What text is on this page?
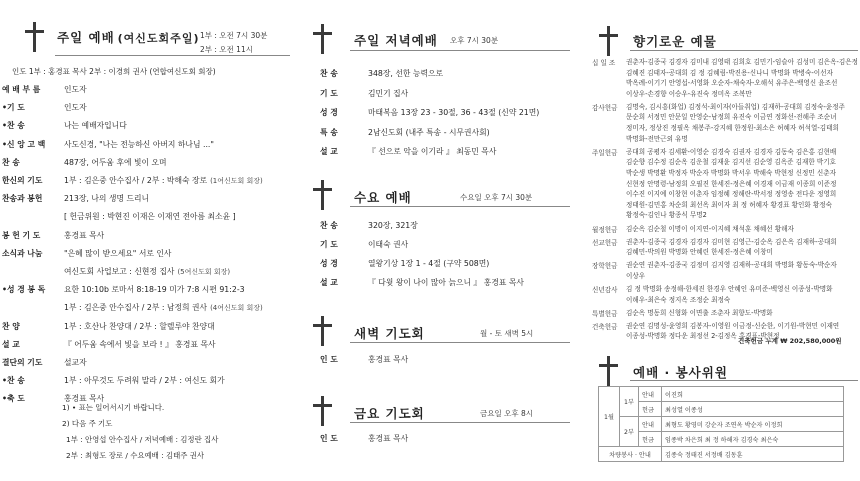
주일 예배 (여신도회주일) 1부 : 오전 7시 30분
2부 : 오전 11시
인도 1부 : 홍경표 목사 2부 : 이경희 권사 (연합여신도회 회장)
예 배 부 름	인도자
•기 도	인도자
•찬 송	나는 예배자입니다
•신 앙 고 백 사도신경, "나는 전능하신 아버지 하나님 ..."
찬 송	487장, 어두움 후에 빛이 오며
한신의 기도	1부 : 김은중 안수집사 / 2부 : 박해숙 장로 (1여신도회 회장)
찬송과 봉헌	213장, 나의 생명 드리니
[ 헌금위원 : 박현진 이재은 이재연 전아름 최소윤 ]
봉 헌 기 도	홍경표 목사
소식과 나눔	"은혜 많이 받으세요" 서로 인사
여신도회 사업보고 : 신현정 집사 (5여신도회 회장)
•성 경 봉 독 요한 10:10b 로마서 8:18-19 미가 7:8 시편 91:2-3
1부 : 김은중 안수집사 / 2부 : 남정희 권사 (4여신도회 회장)
찬 양	1부 : 호산나 찬양대 / 2부 : 할렐루야 찬양대
설 교	『 어두움 속에서 빛을 보라 ! 』 홍경표 목사
결단의 기도	설교자
•찬 송	1부 : 아무것도 두려워 말라 / 2부 : 여신도 회가
•축 도	홍경표 목사
1) • 표는 일어서시기 바랍니다.
2) 다음 주 기도
1부 : 안영섭 안수집사 / 저녁예배 : 김정란 집사
2부 : 최형도 장로 / 수요예배 : 김태주 권사
주일 저녁예배 오후 7시 30분
찬 송	348장, 선한 능력으로
기 도	김민기 집사
성 경	마태복음 13장 23 - 30절, 36 - 43절 (신약 21면)
특 송	2남신도회 (내주 특송 - 시무권사회)
설 교	『 선으로 악을 이기라 』 최동민 목사
수요 예배	수요일 오후 7시 30분
찬 송	320장, 321장
기 도	이태숙 권사
성 경	열왕기상 1장 1 - 4절 (구약 508면)
설 교	『 다윗 왕이 나이 많아 늙으니 』 홍경표 목사
새벽 기도회	월 - 토 새벽 5시
인 도	홍경표 목사
금요 기도회	금요일 오후 8시
인 도	홍경표 목사
향기로운 예물
십 일 조 권춘자-김종국 김경자 김미내 김영태 김희호 김민기-임슬아 김성미 김은옥-김은정
김혜진 김태자-공대희 김 정 김혜림-박진용-신나니 박명화 박병숙-이선자
박옥례-이기기 안영섭-서영화 오순자-채숙자-오해석 유주은-백영신 윤조선
이상우-손경향 이승우-유진숙 정미옥 조복만
감사헌금 김명숙, 김시흥(화업) 김정석-최이자(아들취업) 김재하-공대희 김정숙-윤정주
문순희 서정민 안문일 안영순-남정희 유진숙 이금연 정화선-전해주 조순녀
정미자, 정상진 정필옥 채봉주-강지혜 한정원-최소은 허혜자 허석열-김태희
박명화-전만근외 유명
주일헌금 공대희 공평자 김세환-이영순 김경숙 김권자 김경자 김동숙 김은홍 김현배
김순향 김수정 김순옥 김운철 김재윤 김지선 김순영 김옥준 김재한 박기호
박순생 박명환 박정자 박순자 박명화 박서우 박해숙 박현정 신정민 신춘자
신현정 안명령-남정희 오필진 한세진-정은혜 이경재 이금재 이종희 이준정
이수진 이지예 이창현 이춘자 임정혜 정해란-박서정 정영송 전다운 정영희
정태원-김민홍 차순희 최선옥 최이자 최 정 허혜자 황경표 황인화 황정숙
황정숙-김인나 황종식 무명2
월정헌금 김순옥 김순철 이명이 이지연-이지혜 채석훈 채혜선 황해자
선교헌금 권춘자-김종국 김경자 김경자 김미현 김영근-김순옥 김은옥 김재하-공대희
김혜민-박의원 박명화 안혜린 한세진-정은혜 이창미
장학헌금 권순연 권춘자-김종국 김정미 김지영 김재하-공대희 박명화 황동숙-박순자
이상우
신년감사 김 정 박명화 송정해-한세진 한경우 안혜인 유미준-백영신 이종성-박명화
이해우-최은숙 정지옥 조정순 최정숙
특별헌금 김순옥 명동희 신형화 이면출 조춘자 최향도-박명화
건축헌금 권순연 김명성-윤영희 김봉자-이영원 이금정-신순한, 이기원-박현민 이재연
이종성-박명화 정다운 최정선 2-김정옥 홍경표-박현정
건축헌금 누계 ₩ 202,580,000원
예배 · 봉사위원
1월	1부	안내	이진희
		헌금	최성열 이종성
	2부	안내	최형도 황영미 강순자 조연옥 박순자 이정희
		헌금	임종박 차은희 최 정 하해자 김경숙 최은숙
차량봉사 · 안내			김종숙 정태진 서정배 김동훈
